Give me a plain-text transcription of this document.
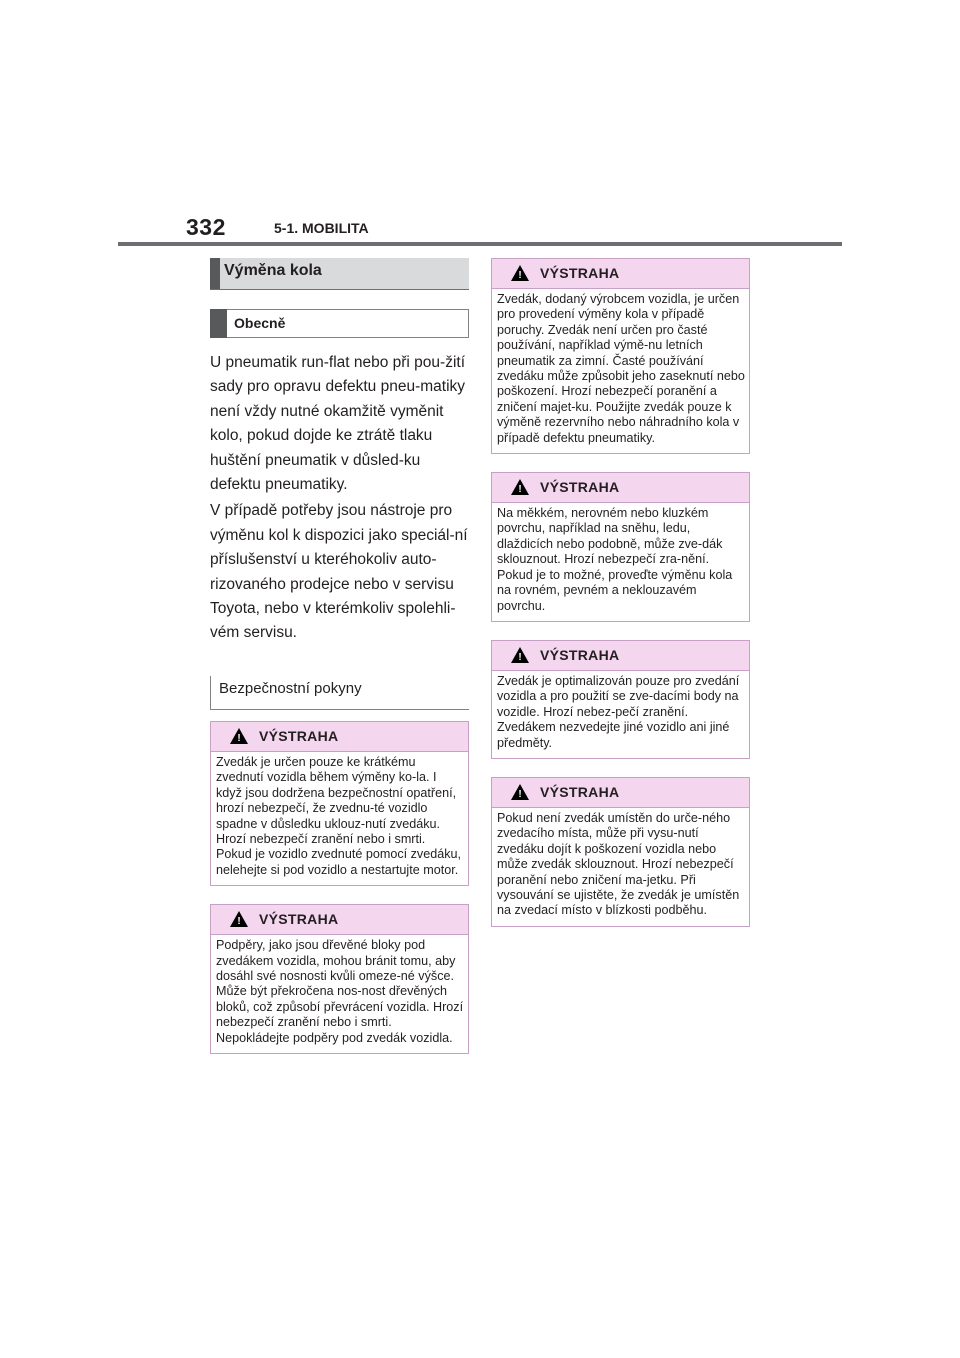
332	5-1. MOBILITA
Výměna kola
Obecně

U pneumatik run-flat nebo při pou-žití sady pro opravu defektu pneu-matiky není vždy nutné okamžitě vyměnit kolo, pokud dojde ke ztrátě tlaku huštění pneumatik v důsled-ku defektu pneumatiky.

V případě potřeby jsou nástroje pro výměnu kol k dispozici jako speciál-ní příslušenství u kteréhokoliv auto-rizovaného prodejce nebo v servisu Toyota, nebo v kterémkoliv spolehli-vém servisu.

Bezpečnostní pokyny
! VÝSTRAHA
Zvedák je určen pouze ke krátkému zvednutí vozidla během výměny ko-la. I když jsou dodržena bezpečnostní opatření, hrozí nebezpečí, že zvednu-té vozidlo spadne v důsledku uklouz-nutí zvedáku. Hrozí nebezpečí zranění nebo i smrti. Pokud je vozidlo zvednuté pomocí zvedáku, nelehejte si pod vozidlo a nestartujte motor.
! VÝSTRAHA
Podpěry, jako jsou dřevěné bloky pod zvedákem vozidla, mohou bránit tomu, aby dosáhl své nosnosti kvůli omeze-né výšce. Může být překročena nos-nost dřevěných bloků, což způsobí převrácení vozidla. Hrozí nebezpečí zranění nebo i smrti. Nepokládejte podpěry pod zvedák vozidla.
! VÝSTRAHA
Zvedák, dodaný výrobcem vozidla, je určen pro provedení výměny kola v případě poruchy. Zvedák není určen pro časté používání, například výmě-nu letních pneumatik za zimní. Časté používání zvedáku může způsobit jeho zaseknutí nebo poškození. Hrozí nebezpečí poranění a zničení majet-ku. Použijte zvedák pouze k výměně rezervního nebo náhradního kola v případě defektu pneumatiky.
! VÝSTRAHA
Na měkkém, nerovném nebo kluzkém povrchu, například na sněhu, ledu, dlaždicích nebo podobně, může zve-dák sklouznout. Hrozí nebezpečí zra-nění. Pokud je to možné, proveďte výměnu kola na rovném, pevném a neklouzavém povrchu.
! VÝSTRAHA
Zvedák je optimalizován pouze pro zvedání vozidla a pro použití se zve-dacími body na vozidle. Hrozí nebez-pečí zranění. Zvedákem nezvedejte jiné vozidlo ani jiné předměty.
! VÝSTRAHA
Pokud není zvedák umístěn do urče-ného zvedacího místa, může při vysu-nutí zvedáku dojít k poškození vozidla nebo může zvedák sklouznout. Hrozí nebezpečí poranění nebo zničení ma-jetku. Při vysouvání se ujistěte, že zvedák je umístěn na zvedací místo v blízkosti podběhu.
